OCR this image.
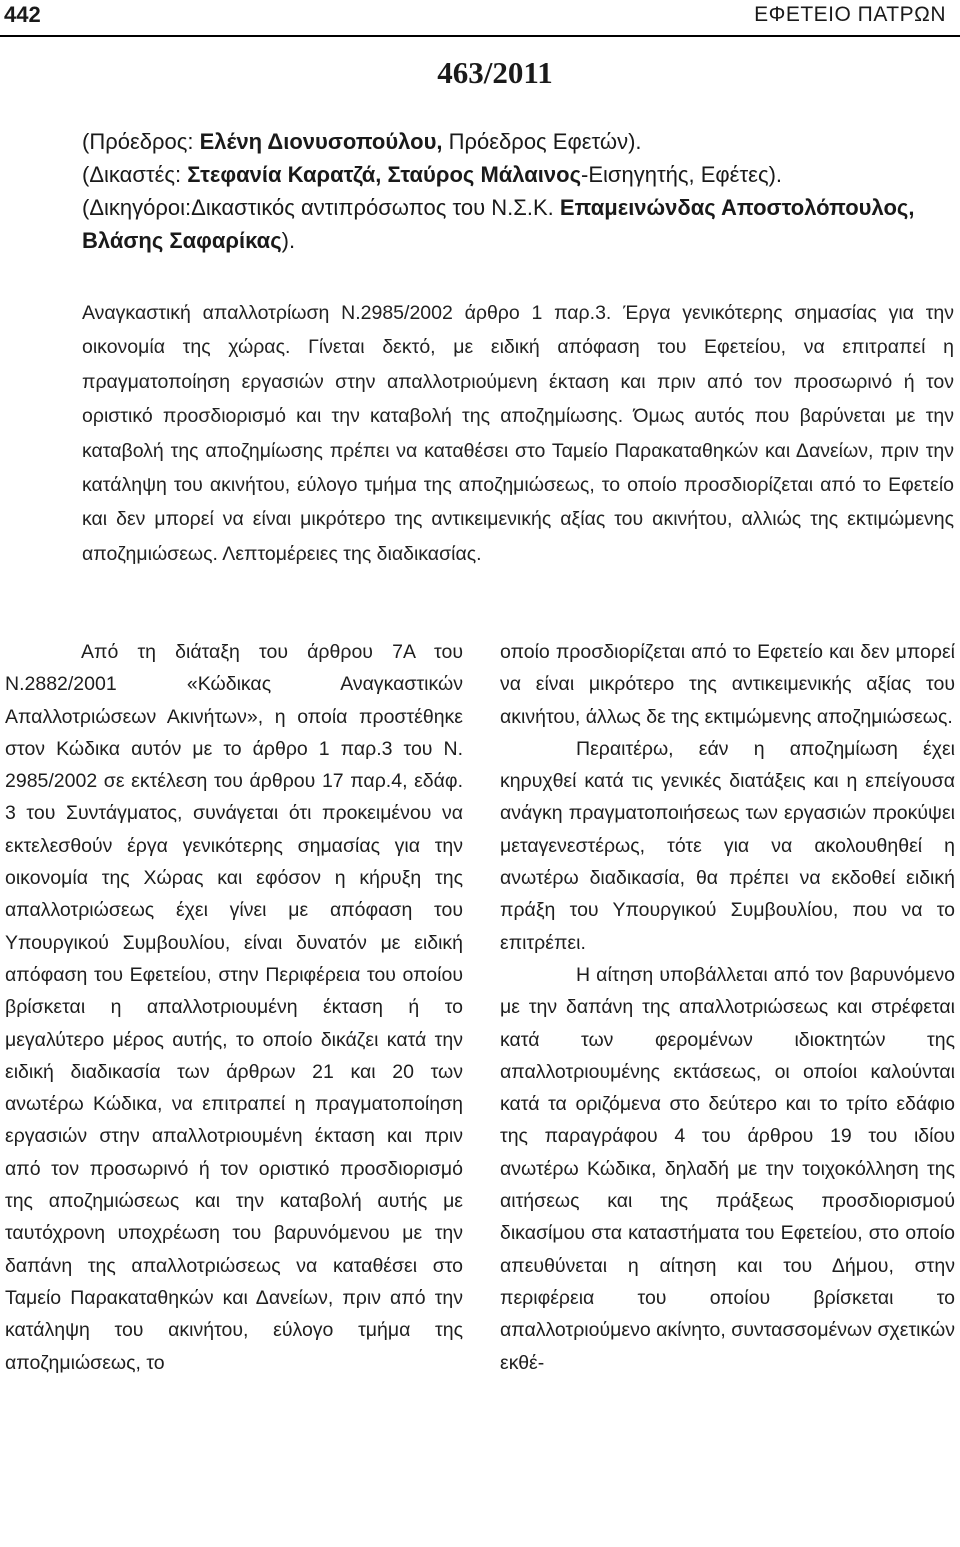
442	ΕΦΕΤΕΙΟ ΠΑΤΡΩΝ
463/2011

(Πρόεδρος: Ελένη Διονυσοπούλου, Πρόεδρος Εφετών).

(Δικαστές: Στεφανία Καρατζά, Σταύρος Μάλαινος-Εισηγητής, Εφέτες).

(Δικηγόροι:Δικαστικός αντιπρόσωπος του Ν.Σ.Κ. Επαμεινώνδας Αποστολόπουλος, Βλάσης Σαφαρίκας).

Αναγκαστική απαλλοτρίωση Ν.2985/2002 άρθρο 1 παρ.3. Έργα γενικότερης σημασίας για την οικονομία της χώρας. Γίνεται δεκτό, με ειδική απόφαση του Εφετείου, να επιτραπεί η πραγματοποίηση εργασιών στην απαλλοτριούμενη έκταση και πριν από τον προσωρινό ή τον οριστικό προσδιορισμό και την καταβολή της αποζημίωσης. Όμως αυτός που βαρύνεται με την καταβολή της αποζημίωσης πρέπει να καταθέσει στο Ταμείο Παρακαταθηκών και Δανείων, πριν την κατάληψη του ακινήτου, εύλογο τμήμα της αποζημιώσεως, το οποίο προσδιορίζεται από το Εφετείο και δεν μπορεί να είναι μικρότερο της αντικειμενικής αξίας του ακινήτου, αλλιώς της εκτιμώμενης αποζημιώσεως. Λεπτομέρειες της διαδικασίας.

Από τη διάταξη του άρθρου 7Α του Ν.2882/2001 «Κώδικας Αναγκαστικών Απαλλοτριώσεων Ακινήτων», η οποία προστέθηκε στον Κώδικα αυτόν με το άρθρο 1 παρ.3 του Ν. 2985/2002 σε εκτέλεση του άρθρου 17 παρ.4, εδάφ. 3 του Συντάγματος, συνάγεται ότι προκειμένου να εκτελεσθούν έργα γενικότερης σημασίας για την οικονομία της Χώρας και εφόσον η κήρυξη της απαλλοτριώσεως έχει γίνει με απόφαση του Υπουργικού Συμβουλίου, είναι δυνατόν με ειδική απόφαση του Εφετείου, στην Περιφέρεια του οποίου βρίσκεται η απαλλοτριουμένη έκταση ή το μεγαλύτερο μέρος αυτής, το οποίο δικάζει κατά την ειδική διαδικασία των άρθρων 21 και 20 των ανωτέρω Κώδικα, να επιτραπεί η πραγματοποίηση εργασιών στην απαλλοτριουμένη έκταση και πριν από τον προσωρινό ή τον οριστικό προσδιορισμό της αποζημιώσεως και την καταβολή αυτής με ταυτόχρονη υποχρέωση του βαρυνόμενου με την δαπάνη της απαλλοτριώσεως να καταθέσει στο Ταμείο Παρακαταθηκών και Δανείων, πριν από την κατάληψη του ακινήτου, εύλογο τμήμα της αποζημιώσεως, το

οποίο προσδιορίζεται από το Εφετείο και δεν μπορεί να είναι μικρότερο της αντικειμενικής αξίας του ακινήτου, άλλως δε της εκτιμώμενης αποζημιώσεως.

Περαιτέρω, εάν η αποζημίωση έχει κηρυχθεί κατά τις γενικές διατάξεις και η επείγουσα ανάγκη πραγματοποιήσεως των εργασιών προκύψει μεταγενεστέρως, τότε για να ακολουθηθεί η ανωτέρω διαδικασία, θα πρέπει να εκδοθεί ειδική πράξη του Υπουργικού Συμβουλίου, που να το επιτρέπει.

Η αίτηση υποβάλλεται από τον βαρυνόμενο με την δαπάνη της απαλλοτριώσεως και στρέφεται κατά των φερομένων ιδιοκτητών της απαλλοτριουμένης εκτάσεως, οι οποίοι καλούνται κατά τα οριζόμενα στο δεύτερο και το τρίτο εδάφιο της παραγράφου 4 του άρθρου 19 του ιδίου ανωτέρω Κώδικα, δηλαδή με την τοιχοκόλληση της αιτήσεως και της πράξεως προσδιορισμού δικασίμου στα καταστήματα του Εφετείου, στο οποίο απευθύνεται η αίτηση και του Δήμου, στην περιφέρεια του οποίου βρίσκεται το απαλλοτριούμενο ακίνητο, συντασσομένων σχετικών εκθέ-
